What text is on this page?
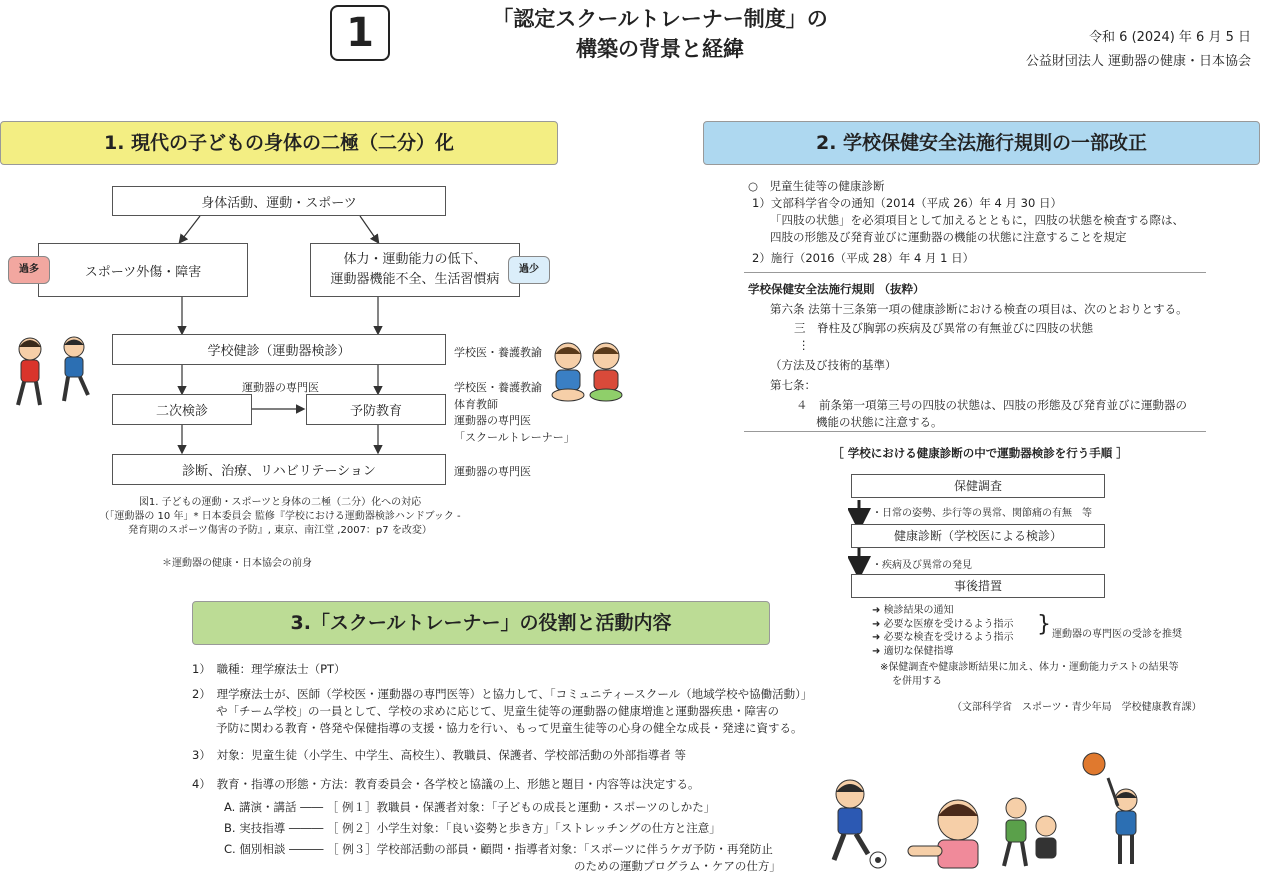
1	「認定スクールトレーナー制度」の
構築の背景と経緯	令和 6 (2024) 年 6 月 5 日
公益財団法人 運動器の健康・日本協会
1. 現代の子どもの身体の二極（二分）化	2. 学校保健安全法施行規則の一部改正
3.「スクールトレーナー」の役割と活動内容
身体活動、運動・スポーツ
スポーツ外傷・障害
体力・運動能力の低下、
運動器機能不全、生活習慣病
過多	過少
学校健診（運動器検診）	学校医・養護教諭
運動器の専門医
二次検診	予防教育
学校医・養護教諭
体育教師
運動器の専門医
「スクールトレーナー」
診断、治療、リハビリテーション	運動器の専門医
図1. 子どもの運動・スポーツと身体の二極（二分）化への対応
（「運動器の 10 年」* 日本委員会 監修『学校における運動器検診ハンドブック -
発育期のスポーツ傷害の予防』, 東京、南江堂 ,2007：p7 を改変）
＊運動器の健康・日本協会の前身
○　児童生徒等の健康診断
1）文部科学省令の通知（2014（平成 26）年 4 月 30 日）
「四肢の状態」を必須項目として加えるとともに，四肢の状態を検査する際は、
四肢の形態及び発育並びに運動器の機能の状態に注意することを規定
2）施行（2016（平成 28）年 4 月 1 日）
学校保健安全法施行規則 （抜粋）
第六条 法第十三条第一項の健康診断における検査の項目は、次のとおりとする。
三　脊柱及び胸郭の疾病及び異常の有無並びに四肢の状態
⋮
（方法及び技術的基準）
第七条：
４　前条第一項第三号の四肢の状態は、四肢の形態及び発育並びに運動器の
機能の状態に注意する。
［ 学校における健康診断の中で運動器検診を行う手順 ］
保健調査
・日常の姿勢、歩行等の異常、関節痛の有無　等
健康診断（学校医による検診）
・疾病及び異常の発見
事後措置
➜ 検診結果の通知
➜ 必要な医療を受けるよう指示
➜ 必要な検査を受けるよう指示
➜ 適切な保健指導
} 運動器の専門医の受診を推奨
※保健調査や健康診断結果に加え、体力・運動能力テストの結果等
を併用する
（文部科学省　スポーツ・青少年局　学校健康教育課）
1）　職種：理学療法士（PT）
2）　理学療法士が、医師（学校医・運動器の専門医等）と協力して、「コミュニティースクール（地域学校や協働活動）」
や「チーム学校」の一員として、学校の求めに応じて、児童生徒等の運動器の健康増進と運動器疾患・障害の
予防に関わる教育・啓発や保健指導の支援・協力を行い、もって児童生徒等の心身の健全な成長・発達に資する。
3）　対象：児童生徒（小学生、中学生、高校生）、教職員、保護者、学校部活動の外部指導者 等
4）　教育・指導の形態・方法：教育委員会・各学校と協議の上、形態と題目・内容等は決定する。
A. 講演・講話 ―― ［ 例１］教職員・保護者対象：「子どもの成長と運動・スポーツのしかた」
B. 実技指導 ――― ［ 例２］小学生対象：「良い姿勢と歩き方」「ストレッチングの仕方と注意」
C. 個別相談 ――― ［ 例３］学校部活動の部員・顧問・指導者対象：「スポーツに伴うケガ予防・再発防止
のための運動プログラム・ケアの仕方」
